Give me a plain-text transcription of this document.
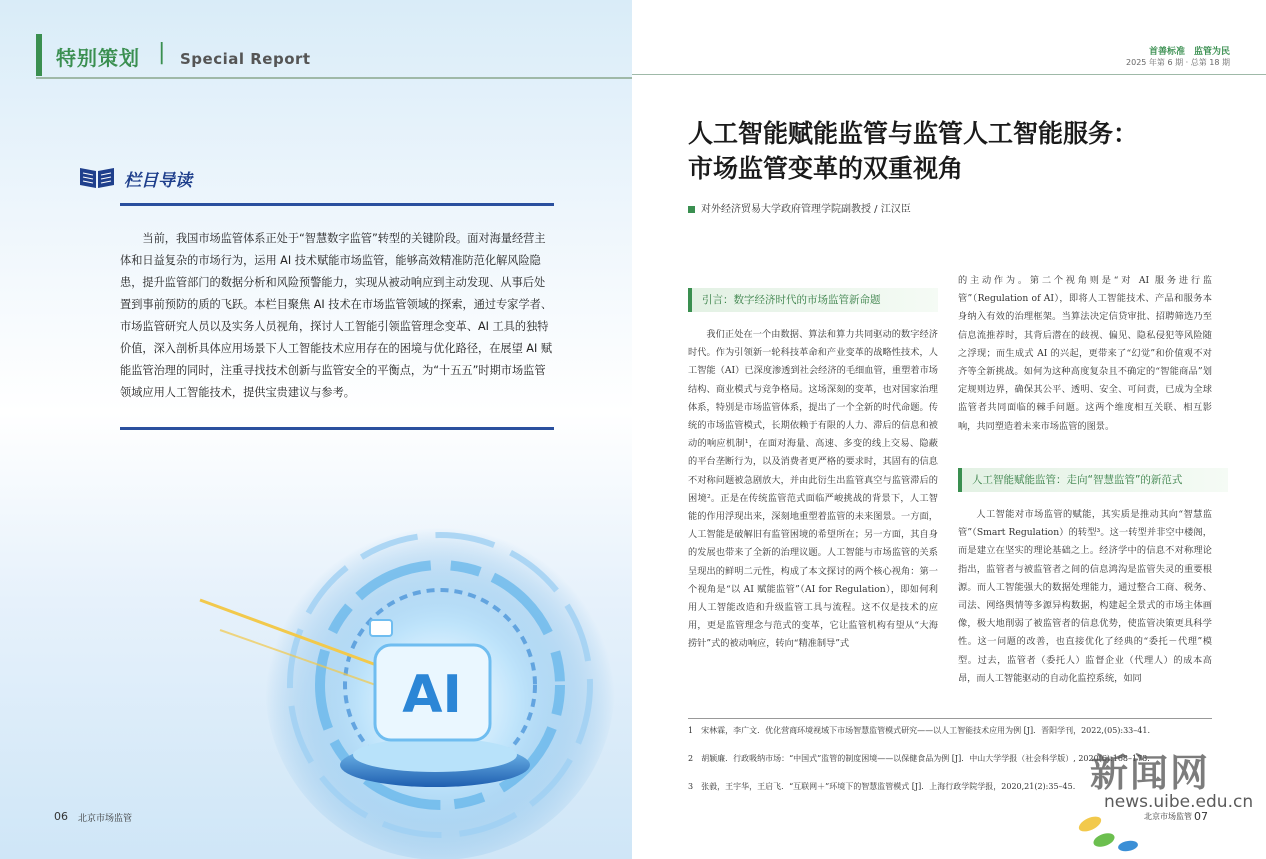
特别策划 | Special Report
栏目导读

当前，我国市场监管体系正处于“智慧数字监管”转型的关键阶段。面对海量经营主体和日益复杂的市场行为，运用 AI 技术赋能市场监管，能够高效精准防范化解风险隐患，提升监管部门的数据分析和风险预警能力，实现从被动响应到主动发现、从事后处置到事前预防的质的飞跃。本栏目聚焦 AI 技术在市场监管领域的探索，通过专家学者、市场监管研究人员以及实务人员视角，探讨人工智能引领监管理念变革、AI 工具的独特价值，深入剖析具体应用场景下人工智能技术应用存在的困境与优化路径，在展望 AI 赋能监管治理的同时，注重寻找技术创新与监管安全的平衡点，为“十五五”时期市场监管领域应用人工智能技术，提供宝贵建议与参考。

AI
06 北京市场监管
首善标准　监管为民
2025 年第 6 期 · 总第 18 期
人工智能赋能监管与监管人工智能服务：
市场监管变革的双重视角
对外经济贸易大学政府管理学院副教授 / 江汉臣
引言：数字经济时代的市场监管新命题

我们正处在一个由数据、算法和算力共同驱动的数字经济时代。作为引领新一轮科技革命和产业变革的战略性技术，人工智能（AI）已深度渗透到社会经济的毛细血管，重塑着市场结构、商业模式与竞争格局。这场深刻的变革，也对国家治理体系，特别是市场监管体系，提出了一个全新的时代命题。传统的市场监管模式，长期依赖于有限的人力、滞后的信息和被动的响应机制¹，在面对海量、高速、多变的线上交易、隐蔽的平台垄断行为，以及消费者更严格的要求时，其固有的信息不对称问题被急剧放大，并由此衍生出监管真空与监管滞后的困境²。正是在传统监管范式面临严峻挑战的背景下，人工智能的作用浮现出来，深刻地重塑着监管的未来图景。一方面，人工智能是破解旧有监管困境的希望所在；另一方面，其自身的发展也带来了全新的治理议题。人工智能与市场监管的关系呈现出的鲜明二元性，构成了本文探讨的两个核心视角：第一个视角是“以 AI 赋能监管”（AI for Regulation），即如何利用人工智能改造和升级监管工具与流程。这不仅是技术的应用，更是监管理念与范式的变革，它让监管机构有望从“大海捞针”式的被动响应，转向“精准制导”式

的主动作为。第二个视角则是“对 AI 服务进行监管”（Regulation of AI），即将人工智能技术、产品和服务本身纳入有效的治理框架。当算法决定信贷审批、招聘筛选乃至信息流推荐时，其背后潜在的歧视、偏见、隐私侵犯等风险随之浮现；而生成式 AI 的兴起，更带来了“幻觉”和价值观不对齐等全新挑战。如何为这种高度复杂且不确定的“智能商品”划定规则边界，确保其公平、透明、安全、可问责，已成为全球监管者共同面临的棘手问题。这两个维度相互关联、相互影响，共同塑造着未来市场监管的图景。

人工智能赋能监管：走向“智慧监管”的新范式

人工智能对市场监管的赋能，其实质是推动其向“智慧监管”（Smart Regulation）的转型³。这一转型并非空中楼阁，而是建立在坚实的理论基础之上。经济学中的信息不对称理论指出，监管者与被监管者之间的信息鸿沟是监管失灵的重要根源。而人工智能强大的数据处理能力，通过整合工商、税务、司法、网络舆情等多源异构数据，构建起全景式的市场主体画像，极大地削弱了被监管者的信息优势，使监管决策更具科学性。这一问题的改善，也直接优化了经典的“委托－代理”模型。过去，监管者（委托人）监督企业（代理人）的成本高昂，而人工智能驱动的自动化监控系统，如同

1　宋林霖，李广文．优化营商环境视域下市场智慧监管模式研究——以人工智能技术应用为例 [J]．晋阳学刊，2022,(05):33–41.
2　胡颖廉．行政吸纳市场：“中国式”监管的制度困境——以保健食品为例 [J]．中山大学学报（社会科学版）, 2020(6):168–178.
3　张毅，王宇华，王启飞．“互联网＋”环境下的智慧监管模式 [J]．上海行政学院学报，2020,21(2):35–45.
北京市场监管 07
新闻网
news.uibe.edu.cn
